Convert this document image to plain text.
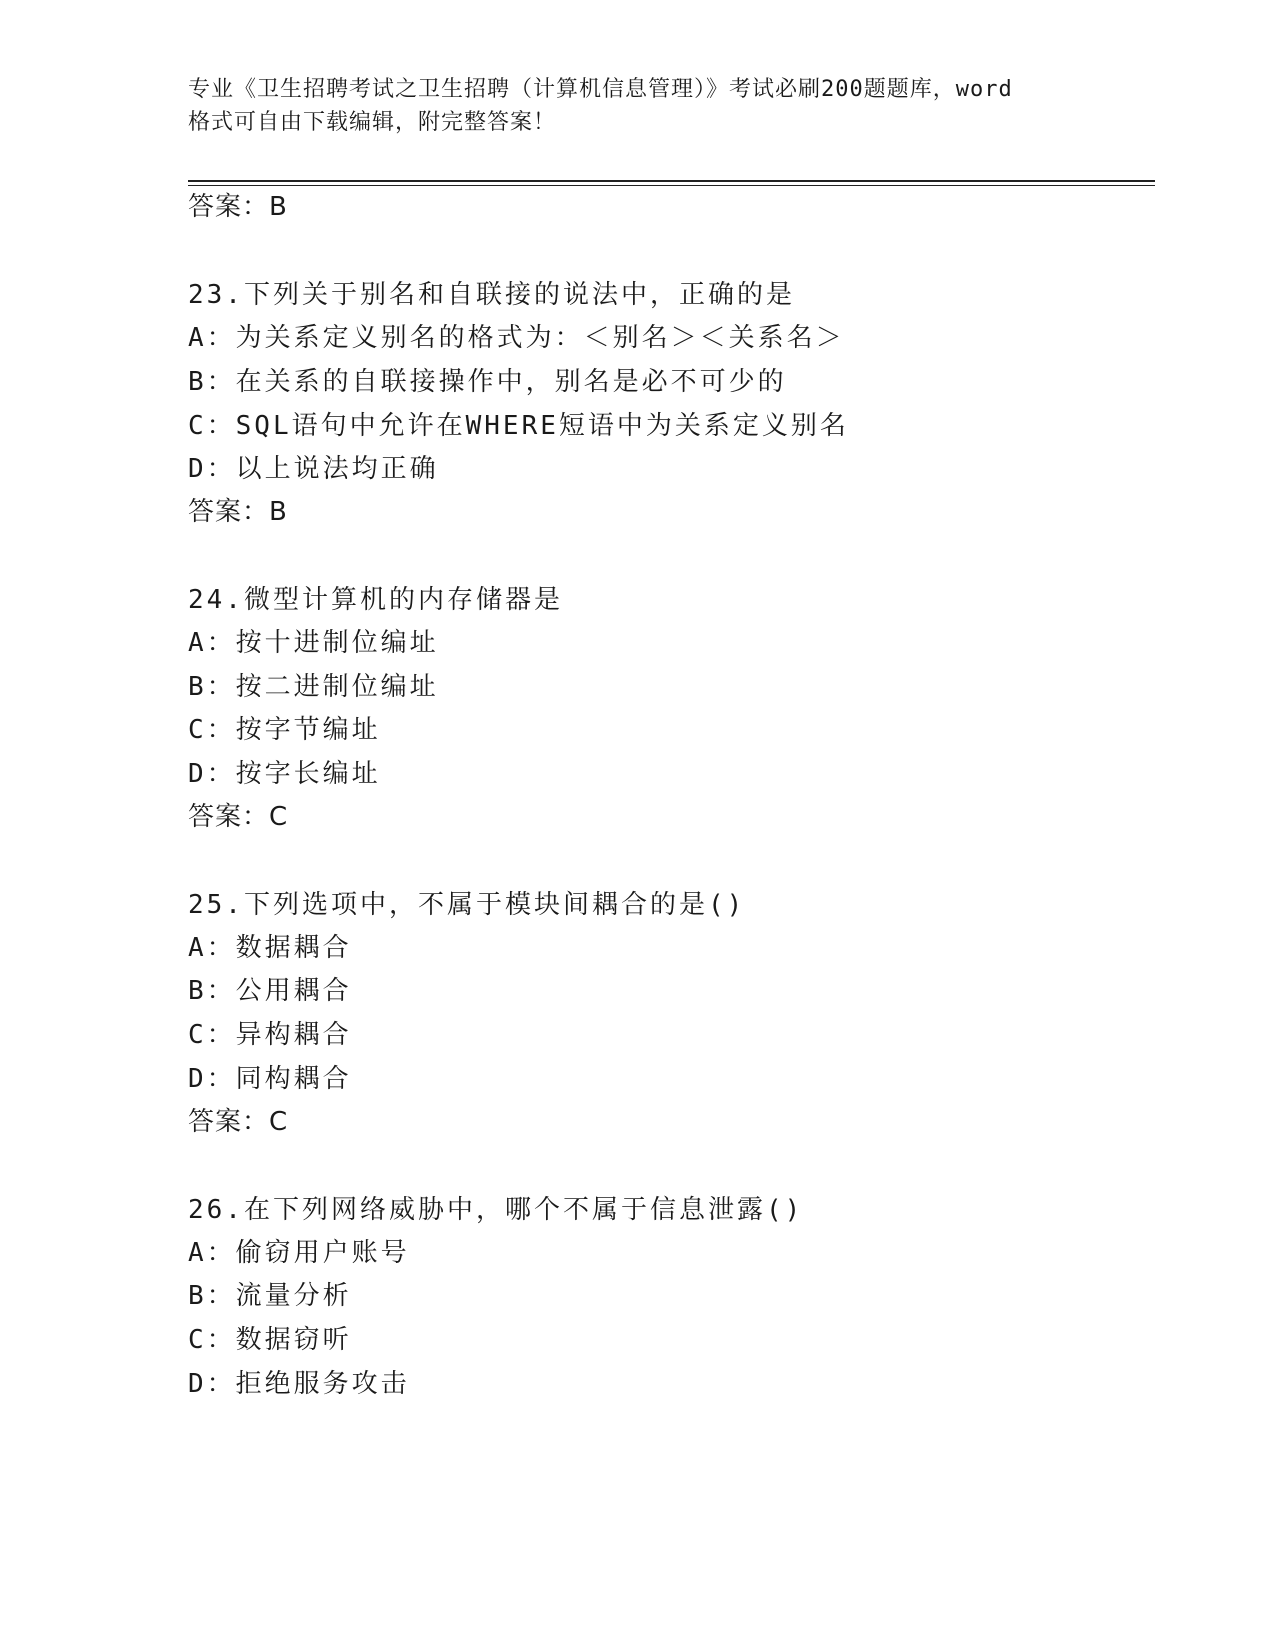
专业《卫生招聘考试之卫生招聘（计算机信息管理）》考试必刷200题题库，word
格式可自由下载编辑，附完整答案！
答案：B
23.下列关于别名和自联接的说法中，正确的是
A：为关系定义别名的格式为：＜别名＞＜关系名＞
B：在关系的自联接操作中，别名是必不可少的
C：SQL语句中允许在WHERE短语中为关系定义别名
D：以上说法均正确
答案：B
24.微型计算机的内存储器是
A：按十进制位编址
B：按二进制位编址
C：按字节编址
D：按字长编址
答案：C
25.下列选项中，不属于模块间耦合的是()
A：数据耦合
B：公用耦合
C：异构耦合
D：同构耦合
答案：C
26.在下列网络威胁中，哪个不属于信息泄露()
A：偷窃用户账号
B：流量分析
C：数据窃听
D：拒绝服务攻击
